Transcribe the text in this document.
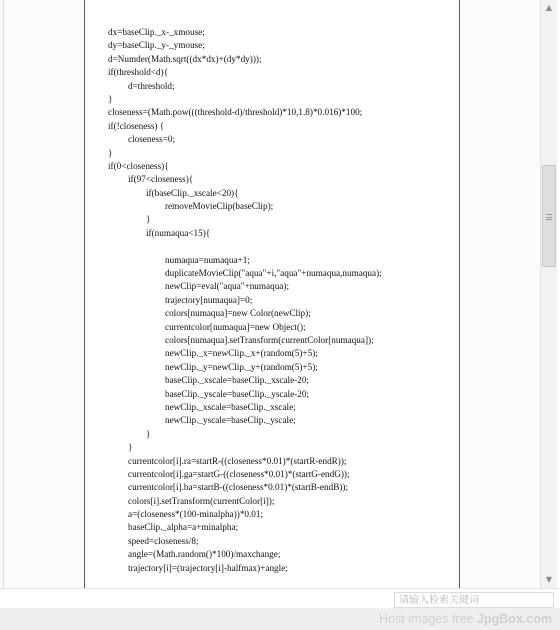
dx=baseClip._x-_xmouse;
dy=baseClip._y-_ymouse;
d=Numder(Math.sqrt((dx*dx)+(dy*dy)));
if(threshold<d){
d=threshold;
}
closeness=(Math.pow(((threshold-d)/threshold)*10,1.8)*0.016)*100;
if(!closeness) {
closeness=0;
}
if(0<closeness){
if(97<closeness){
if(baseClip._xscale<20){
removeMovieClip(baseClip);
}
if(numaqua<15){
numaqua=numaqua+1;
duplicateMovieClip("aqua"+i,"aqua"+numaqua,numaqua);
newClip=eval("aqua"+numaqua);
trajectory[numaqua]=0;
colors[numaqua]=new Color(newClip);
currentcolor[numaqua]=new Object();
colors[numaqua].setTransform(currentColor[numaqua]);
newClip._x=newClip._x+(random(5)+5);
newClip._y=newClip._y+(random(5)+5);
baseClip._xscale=baseClip._xscale-20;
baseClip._yscale=baseClip._yscale-20;
newClip._xscale=baseClip._xscale;
newClip._yscale=baseClip._yscale;
}
}
currentcolor[i].ra=startR-((closeness*0.01)*(startR-endR));
currentcolor[i].ga=startG-((closeness*0.01)*(startG-endG));
currentcolor[i].ba=startB-((closeness*0.01)*(startB-endB));
colors[i].setTransform(currentColor[i]);
a=(closeness*(100-minalpha))*0.01;
baseClip._alpha=a+minalpha;
speed=closeness/8;
angle=(Math.random()*100)/maxchange;
trajectory[i]=(trajectory[i]-halfmax)+angle;
▲
▼
请输入检索关键词
Host images free JpgBox.com
